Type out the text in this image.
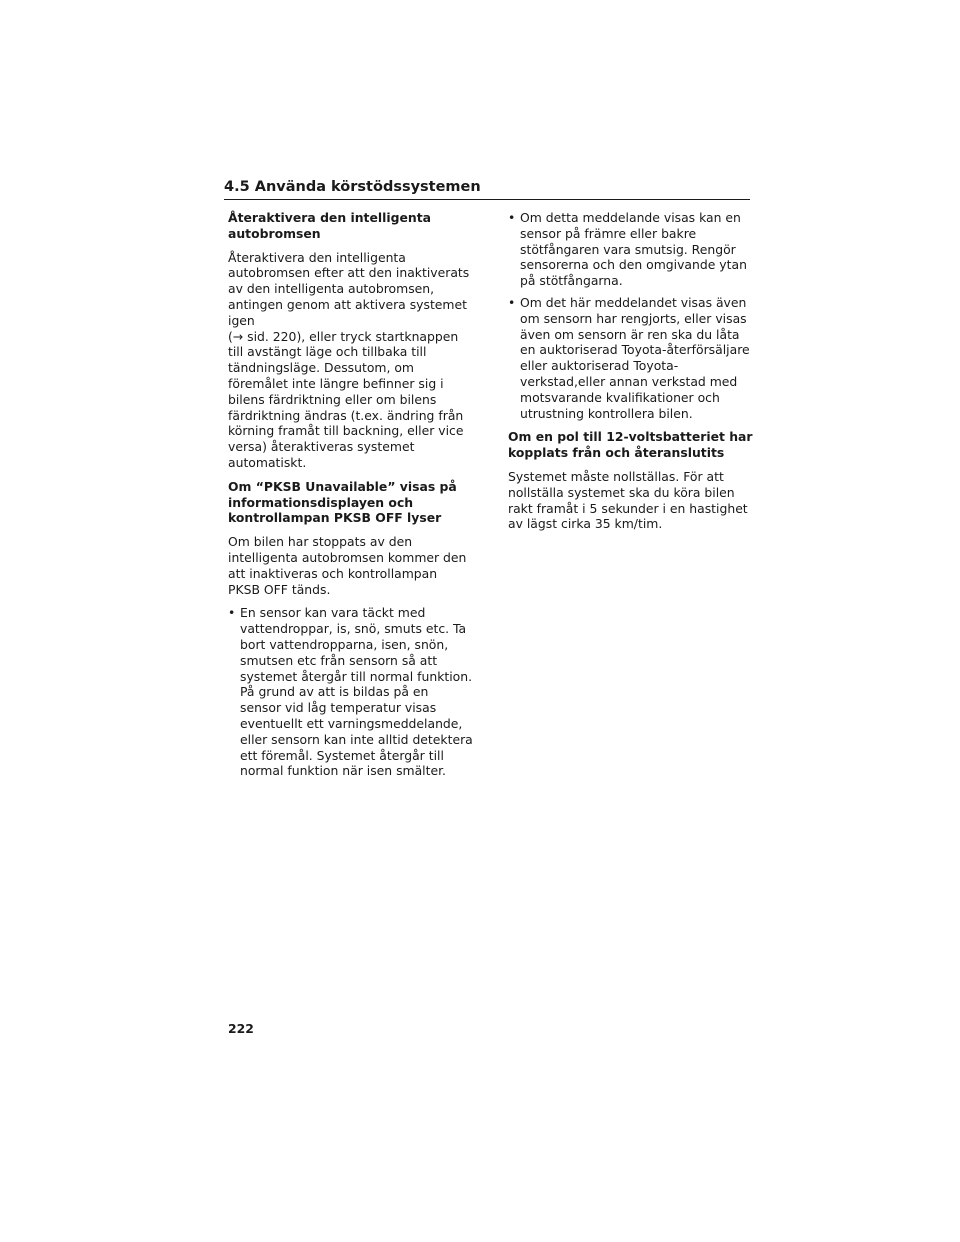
4.5 Använda körstödssystemen
Återaktivera den intelligenta autobromsen

Återaktivera den intelligenta autobromsen efter att den inaktiverats av den intelligenta autobromsen, antingen genom att aktivera systemet igen
(→ sid. 220), eller tryck startknappen till avstängt läge och tillbaka till tändningsläge. Dessutom, om föremålet inte längre befinner sig i bilens färdriktning eller om bilens färdriktning ändras (t.ex. ändring från körning framåt till backning, eller vice versa) återaktiveras systemet automatiskt.

Om “PKSB Unavailable” visas på informationsdisplayen och kontrollampan PKSB OFF lyser

Om bilen har stoppats av den intelligenta autobromsen kommer den att inaktiveras och kontrollampan PKSB OFF tänds.

• En sensor kan vara täckt med vattendroppar, is, snö, smuts etc. Ta bort vattendropparna, isen, snön, smutsen etc från sensorn så att systemet återgår till normal funktion. På grund av att is bildas på en sensor vid låg temperatur visas eventuellt ett varningsmeddelande, eller sensorn kan inte alltid detektera ett föremål. Systemet återgår till normal funktion när isen smälter.
• Om detta meddelande visas kan en sensor på främre eller bakre stötfångaren vara smutsig. Rengör sensorerna och den omgivande ytan på stötfångarna.
• Om det här meddelandet visas även om sensorn har rengjorts, eller visas även om sensorn är ren ska du låta en auktoriserad Toyota-återförsäljare eller auktoriserad Toyota-verkstad,eller annan verkstad med motsvarande kvalifikationer och utrustning kontrollera bilen.
Om en pol till 12-voltsbatteriet har kopplats från och återanslutits

Systemet måste nollställas. För att nollställa systemet ska du köra bilen rakt framåt i 5 sekunder i en hastighet av lägst cirka 35 km/tim.

222
